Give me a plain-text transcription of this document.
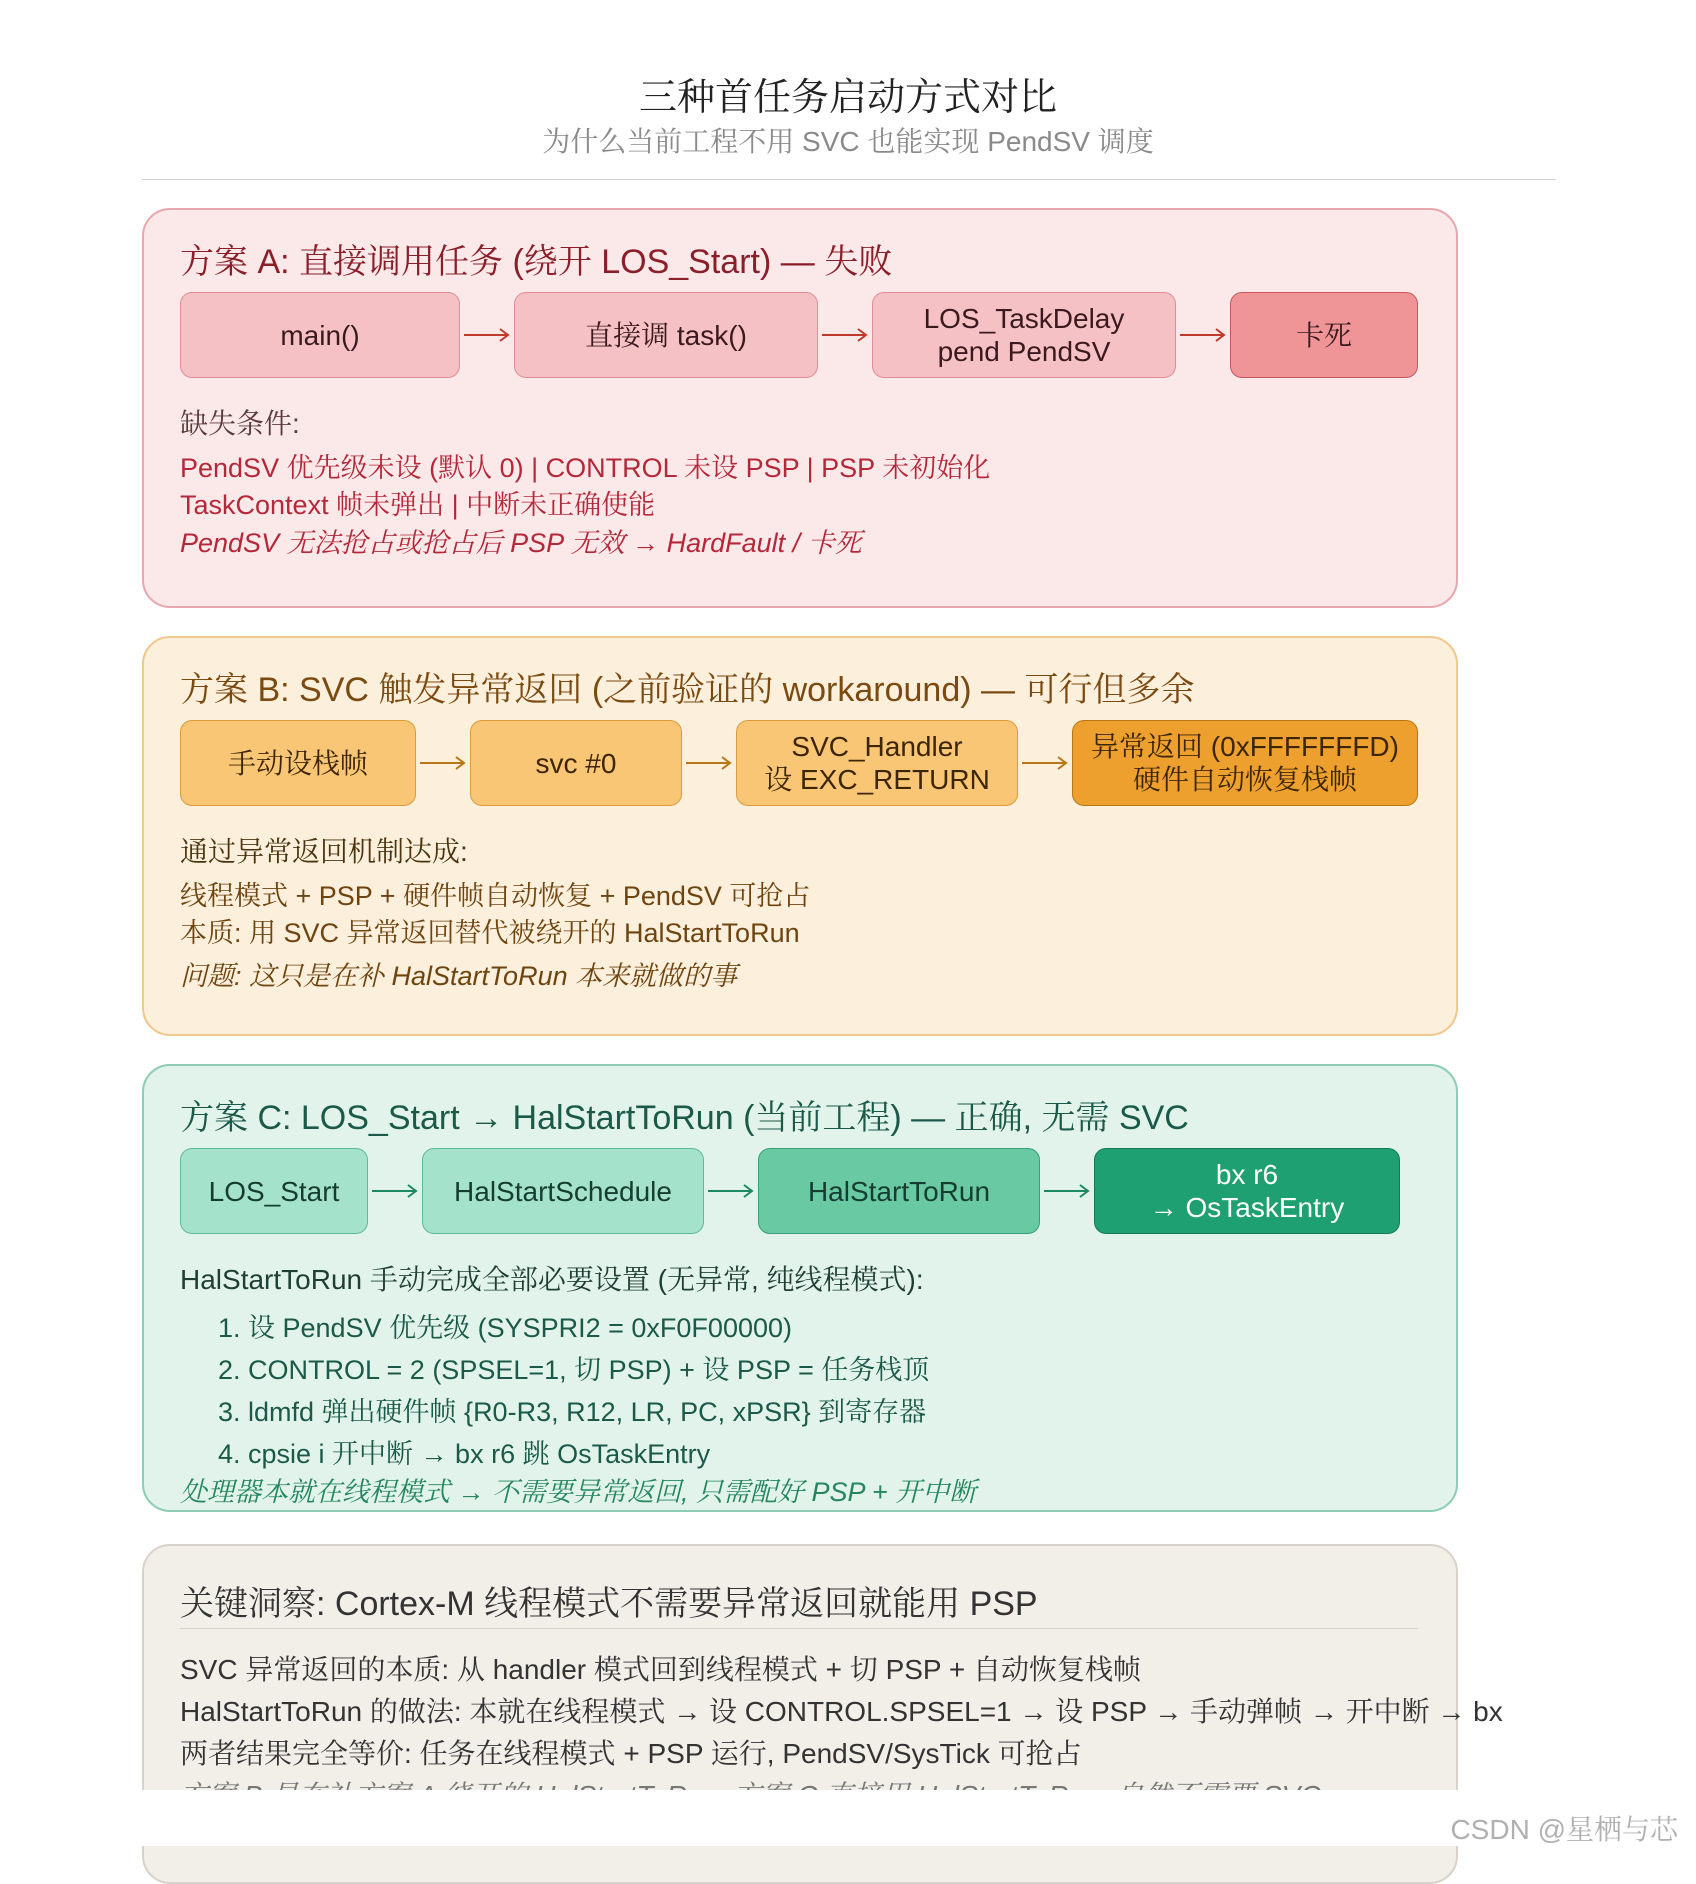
三种首任务启动方式对比
为什么当前工程不用 SVC 也能实现 PendSV 调度
方案 A: 直接调用任务 (绕开 LOS_Start) — 失败
main()	直接调 task()
LOS_TaskDelay
pend PendSV
卡死
缺失条件:
PendSV 优先级未设 (默认 0) | CONTROL 未设 PSP | PSP 未初始化
TaskContext 帧未弹出 | 中断未正确使能
PendSV 无法抢占或抢占后 PSP 无效 → HardFault / 卡死
方案 B: SVC 触发异常返回 (之前验证的 workaround) — 可行但多余
手动设栈帧	svc #0
SVC_Handler
设 EXC_RETURN
异常返回 (0xFFFFFFFD)
硬件自动恢复栈帧
通过异常返回机制达成:
线程模式 + PSP + 硬件帧自动恢复 + PendSV 可抢占
本质: 用 SVC 异常返回替代被绕开的 HalStartToRun
问题: 这只是在补 HalStartToRun 本来就做的事
方案 C: LOS_Start → HalStartToRun (当前工程) — 正确, 无需 SVC
LOS_Start	HalStartSchedule	HalStartToRun
bx r6
→ OsTaskEntry
HalStartToRun 手动完成全部必要设置 (无异常, 纯线程模式):
1. 设 PendSV 优先级 (SYSPRI2 = 0xF0F00000)
2. CONTROL = 2 (SPSEL=1, 切 PSP) + 设 PSP = 任务栈顶
3. ldmfd 弹出硬件帧 {R0-R3, R12, LR, PC, xPSR} 到寄存器
4. cpsie i 开中断 → bx r6 跳 OsTaskEntry
处理器本就在线程模式 → 不需要异常返回, 只需配好 PSP + 开中断
关键洞察: Cortex-M 线程模式不需要异常返回就能用 PSP
SVC 异常返回的本质: 从 handler 模式回到线程模式 + 切 PSP + 自动恢复栈帧
HalStartToRun 的做法: 本就在线程模式 → 设 CONTROL.SPSEL=1 → 设 PSP → 手动弹帧 → 开中断 → bx
两者结果完全等价: 任务在线程模式 + PSP 运行, PendSV/SysTick 可抢占
CSDN @星栖与芯
